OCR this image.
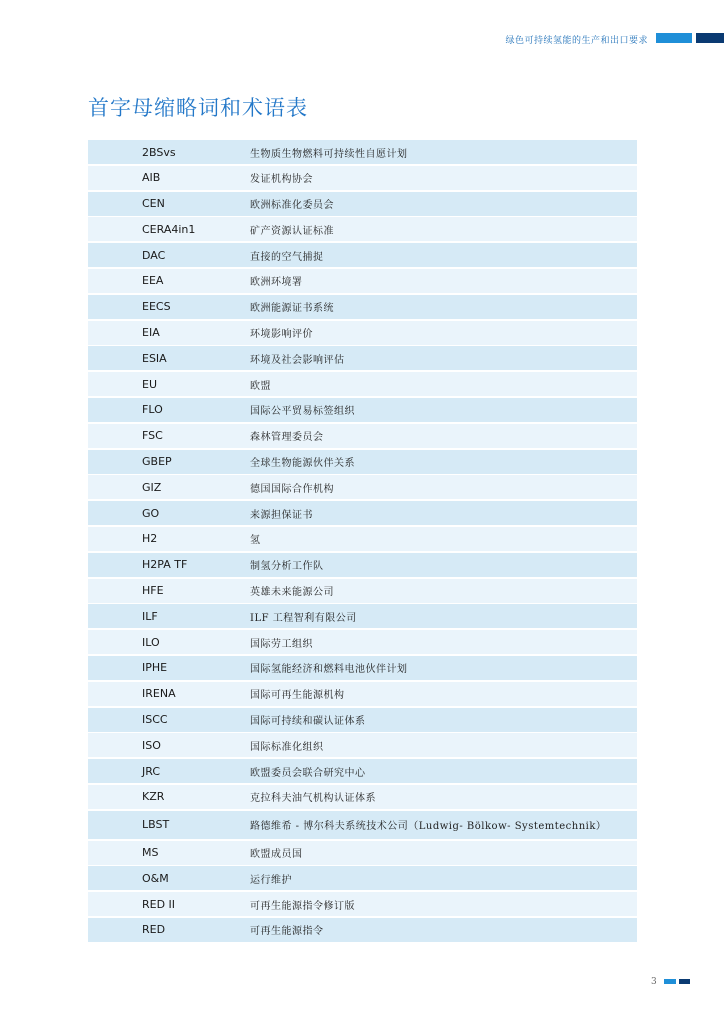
绿色可持续氢能的生产和出口要求
首字母缩略词和术语表
2BSvs	生物质生物燃料可持续性自愿计划
AIB	发证机构协会
CEN	欧洲标准化委员会
CERA4in1	矿产资源认证标准
DAC	直接的空气捕捉
EEA	欧洲环境署
EECS	欧洲能源证书系统
EIA	环境影响评价
ESIA	环境及社会影响评估
EU	欧盟
FLO	国际公平贸易标签组织
FSC	森林管理委员会
GBEP	全球生物能源伙伴关系
GIZ	德国国际合作机构
GO	来源担保证书
H2	氢
H2PA TF	制氢分析工作队
HFE	英雄未来能源公司
ILF	ILF 工程智利有限公司
ILO	国际劳工组织
IPHE	国际氢能经济和燃料电池伙伴计划
IRENA	国际可再生能源机构
ISCC	国际可持续和碳认证体系
ISO	国际标准化组织
JRC	欧盟委员会联合研究中心
KZR	克拉科夫油气机构认证体系
LBST	路德维希 - 博尔科夫系统技术公司（Ludwig- Bölkow- Systemtechnik）
MS	欧盟成员国
O&M	运行维护
RED II	可再生能源指令修订版
RED	可再生能源指令
3
